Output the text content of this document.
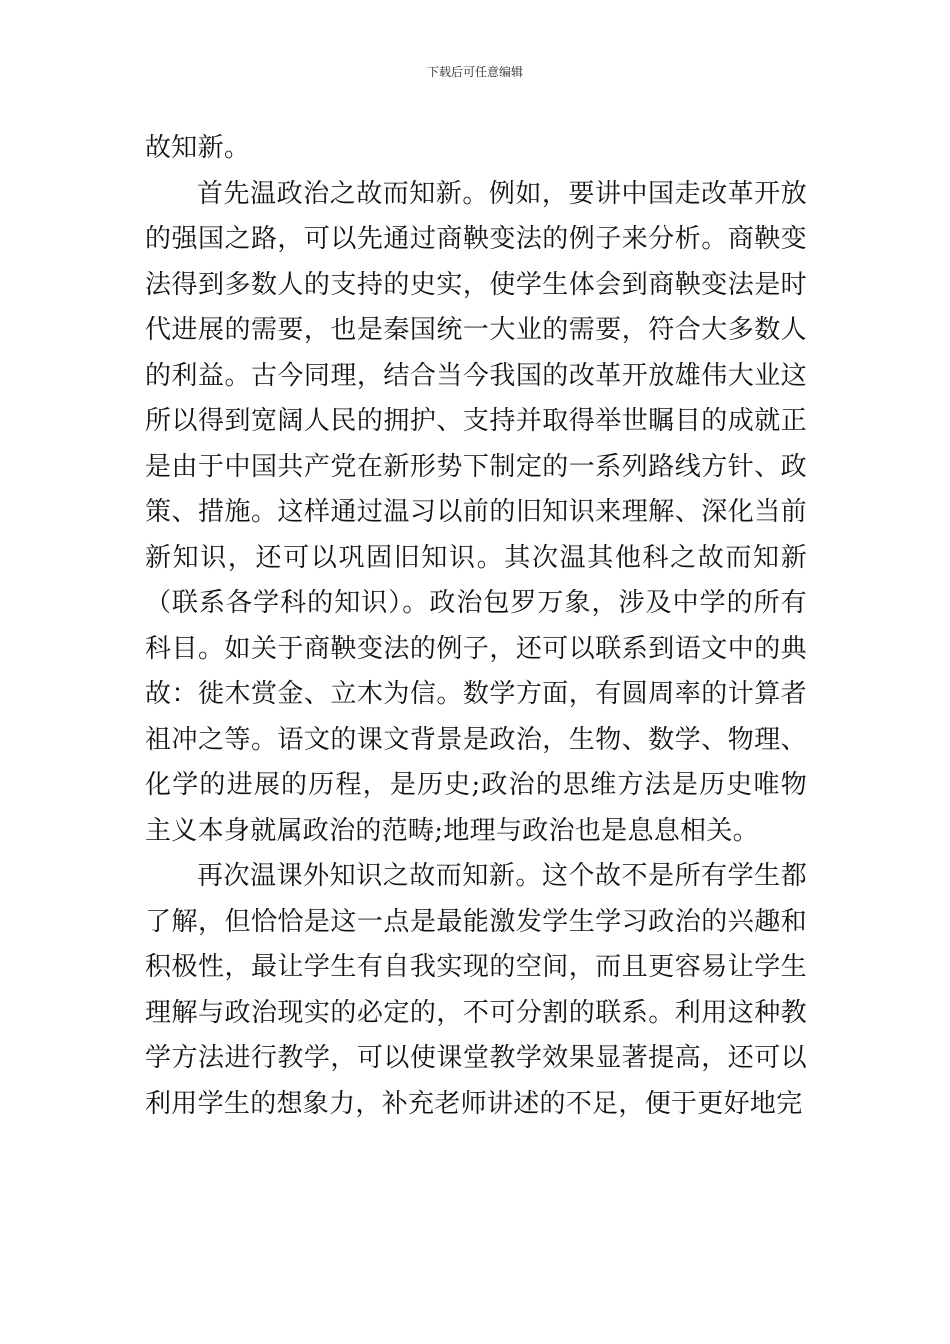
下载后可任意编辑

故知新。

首先温政治之故而知新。例如，要讲中国走改革开放的强国之路，可以先通过商鞅变法的例子来分析。商鞅变法得到多数人的支持的史实，使学生体会到商鞅变法是时代进展的需要，也是秦国统一大业的需要，符合大多数人的利益。古今同理，结合当今我国的改革开放雄伟大业这所以得到宽阔人民的拥护、支持并取得举世瞩目的成就正是由于中国共产党在新形势下制定的一系列路线方针、政策、措施。这样通过温习以前的旧知识来理解、深化当前新知识，还可以巩固旧知识。其次温其他科之故而知新（联系各学科的知识）。政治包罗万象，涉及中学的所有科目。如关于商鞅变法的例子，还可以联系到语文中的典故：徙木赏金、立木为信。数学方面，有圆周率的计算者祖冲之等。语文的课文背景是政治，生物、数学、物理、化学的进展的历程，是历史;政治的思维方法是历史唯物主义本身就属政治的范畴;地理与政治也是息息相关。

再次温课外知识之故而知新。这个故不是所有学生都了解，但恰恰是这一点是最能激发学生学习政治的兴趣和积极性，最让学生有自我实现的空间，而且更容易让学生理解与政治现实的必定的，不可分割的联系。利用这种教学方法进行教学，可以使课堂教学效果显著提高，还可以利用学生的想象力，补充老师讲述的不足，便于更好地完
